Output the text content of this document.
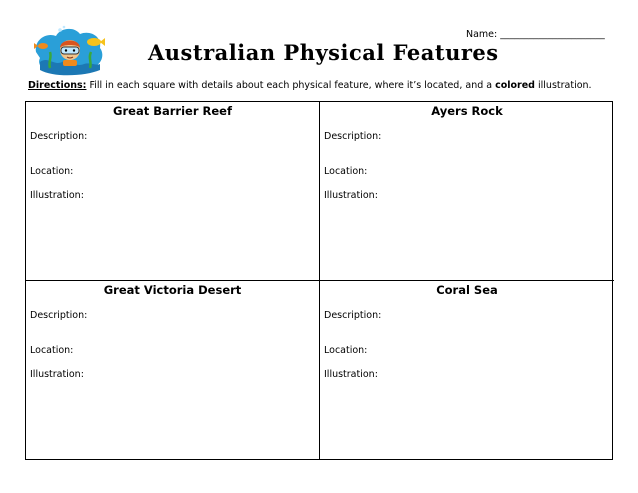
Name: ______________________
Australian Physical Features
Directions: Fill in each square with details about each physical feature, where it’s located, and a colored illustration.
Great Barrier Reef
Description:
Location:
Illustration:
Ayers Rock
Description:
Location:
Illustration:
Great Victoria Desert
Description:
Location:
Illustration:
Coral Sea
Description:
Location:
Illustration:
